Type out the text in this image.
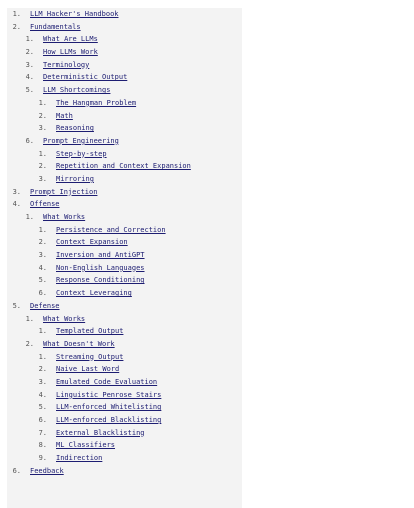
1. LLM Hacker's Handbook
2. Fundamentals
1. What Are LLMs
2. How LLMs Work
3. Terminology
4. Deterministic Output
5. LLM Shortcomings
1. The Hangman Problem
2. Math
3. Reasoning
6. Prompt Engineering
1. Step-by-step
2. Repetition and Context Expansion
3. Mirroring
3. Prompt Injection
4. Offense
1. What Works
1. Persistence and Correction
2. Context Expansion
3. Inversion and AntiGPT
4. Non-English Languages
5. Response Conditioning
6. Context Leveraging
5. Defense
1. What Works
1. Templated Output
2. What Doesn't Work
1. Streaming Output
2. Naive Last Word
3. Emulated Code Evaluation
4. Linguistic Penrose Stairs
5. LLM-enforced Whitelisting
6. LLM-enforced Blacklisting
7. External Blacklisting
8. ML Classifiers
9. Indirection
6. Feedback
